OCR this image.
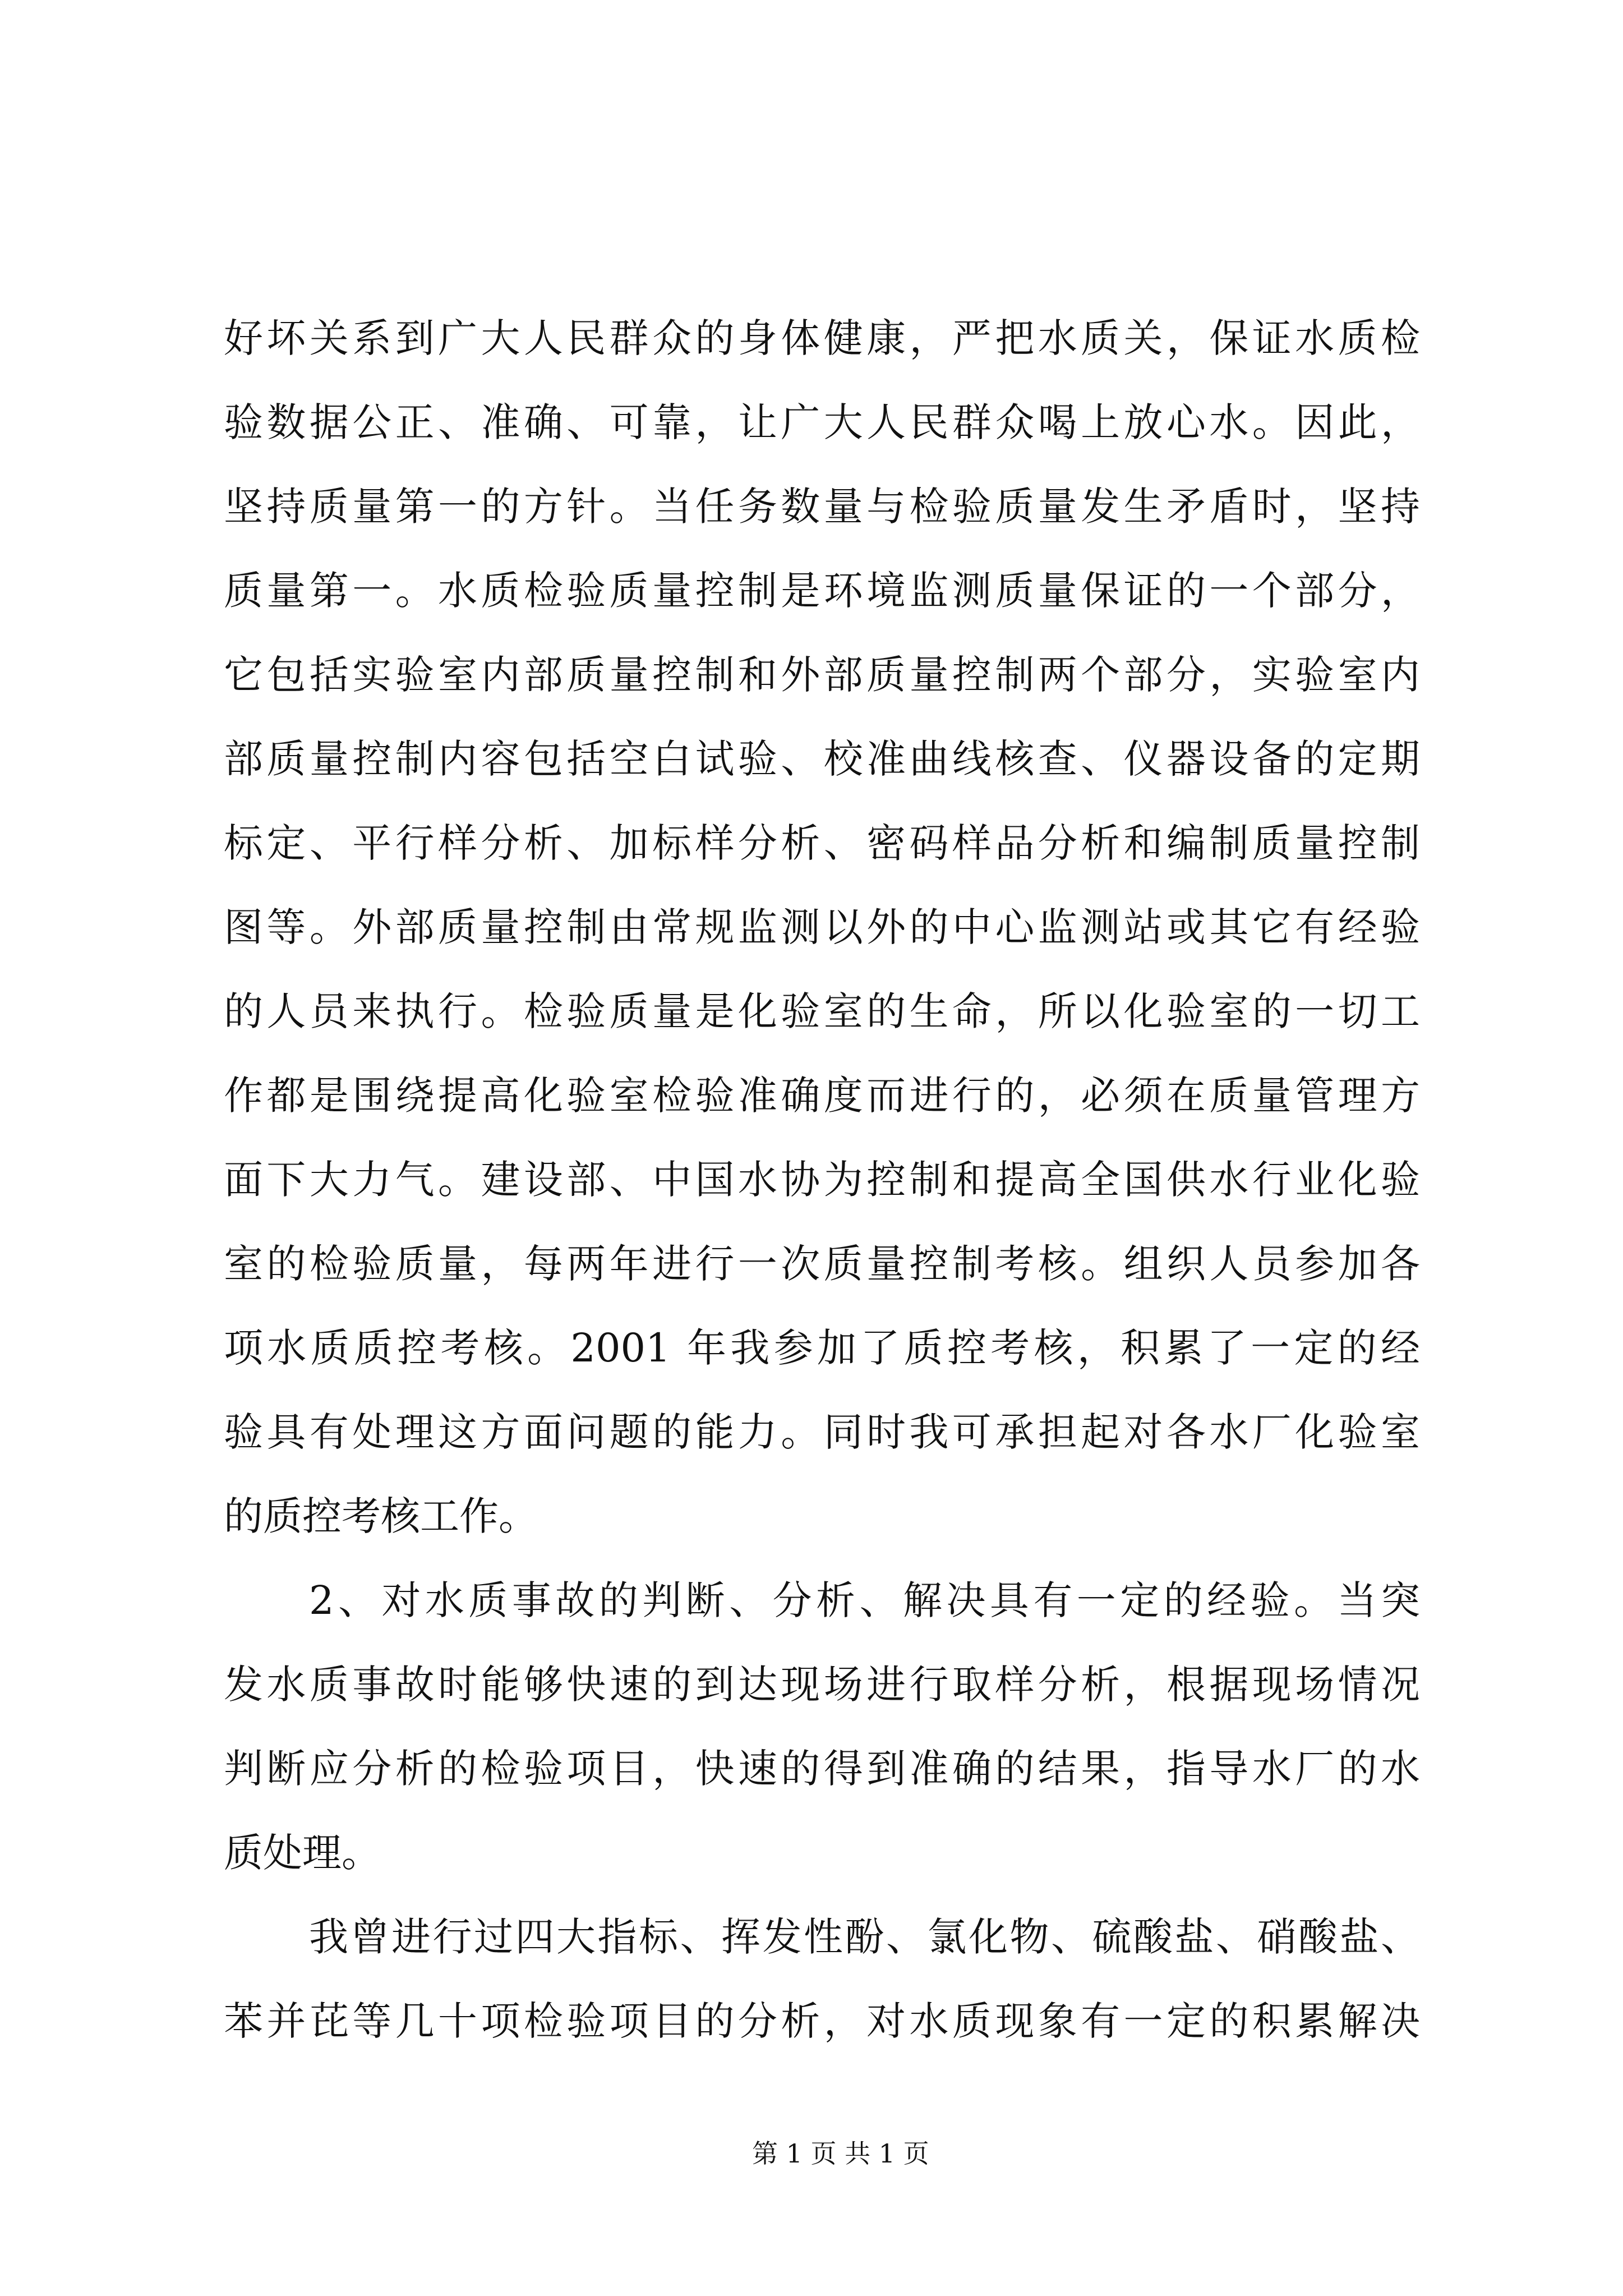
好坏关系到广大人民群众的身体健康，严把水质关，保证水质检
验数据公正、准确、可靠，让广大人民群众喝上放心水。因此，
坚持质量第一的方针。当任务数量与检验质量发生矛盾时，坚持
质量第一。水质检验质量控制是环境监测质量保证的一个部分，
它包括实验室内部质量控制和外部质量控制两个部分，实验室内
部质量控制内容包括空白试验、校准曲线核查、仪器设备的定期
标定、平行样分析、加标样分析、密码样品分析和编制质量控制
图等。外部质量控制由常规监测以外的中心监测站或其它有经验
的人员来执行。检验质量是化验室的生命，所以化验室的一切工
作都是围绕提高化验室检验准确度而进行的，必须在质量管理方
面下大力气。建设部、中国水协为控制和提高全国供水行业化验
室的检验质量，每两年进行一次质量控制考核。组织人员参加各
项水质质控考核。2001 年我参加了质控考核，积累了一定的经
验具有处理这方面问题的能力。同时我可承担起对各水厂化验室
的质控考核工作。
2、对水质事故的判断、分析、解决具有一定的经验。当突
发水质事故时能够快速的到达现场进行取样分析，根据现场情况
判断应分析的检验项目，快速的得到准确的结果，指导水厂的水
质处理。
我曾进行过四大指标、挥发性酚、氯化物、硫酸盐、硝酸盐、
苯并芘等几十项检验项目的分析，对水质现象有一定的积累解决
第 1 页 共 1 页
